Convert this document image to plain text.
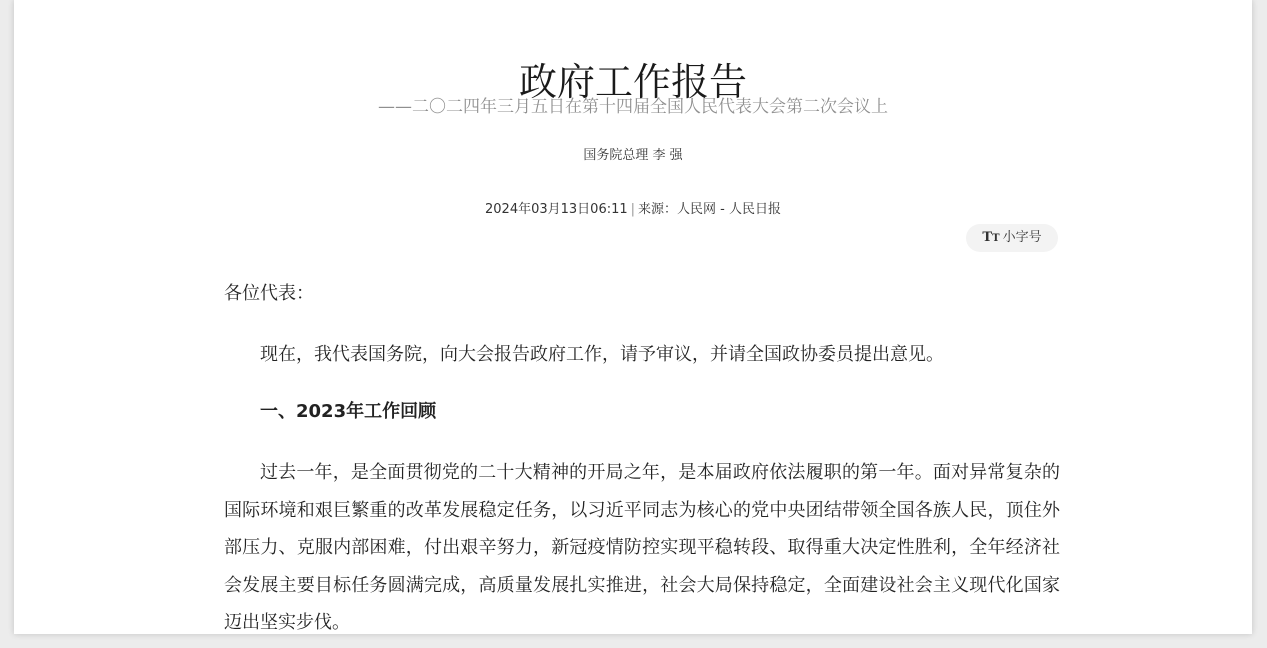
政府工作报告
——二〇二四年三月五日在第十四届全国人民代表大会第二次会议上
国务院总理 李 强
2024年03月13日06:11 | 来源：人民网 - 人民日报
TT 小字号

各位代表：

现在，我代表国务院，向大会报告政府工作，请予审议，并请全国政协委员提出意见。

一、2023年工作回顾

过去一年，是全面贯彻党的二十大精神的开局之年，是本届政府依法履职的第一年。面对异常复杂的国际环境和艰巨繁重的改革发展稳定任务，以习近平同志为核心的党中央团结带领全国各族人民，顶住外部压力、克服内部困难，付出艰辛努力，新冠疫情防控实现平稳转段、取得重大决定性胜利，全年经济社会发展主要目标任务圆满完成，高质量发展扎实推进，社会大局保持稳定，全面建设社会主义现代化国家迈出坚实步伐。
